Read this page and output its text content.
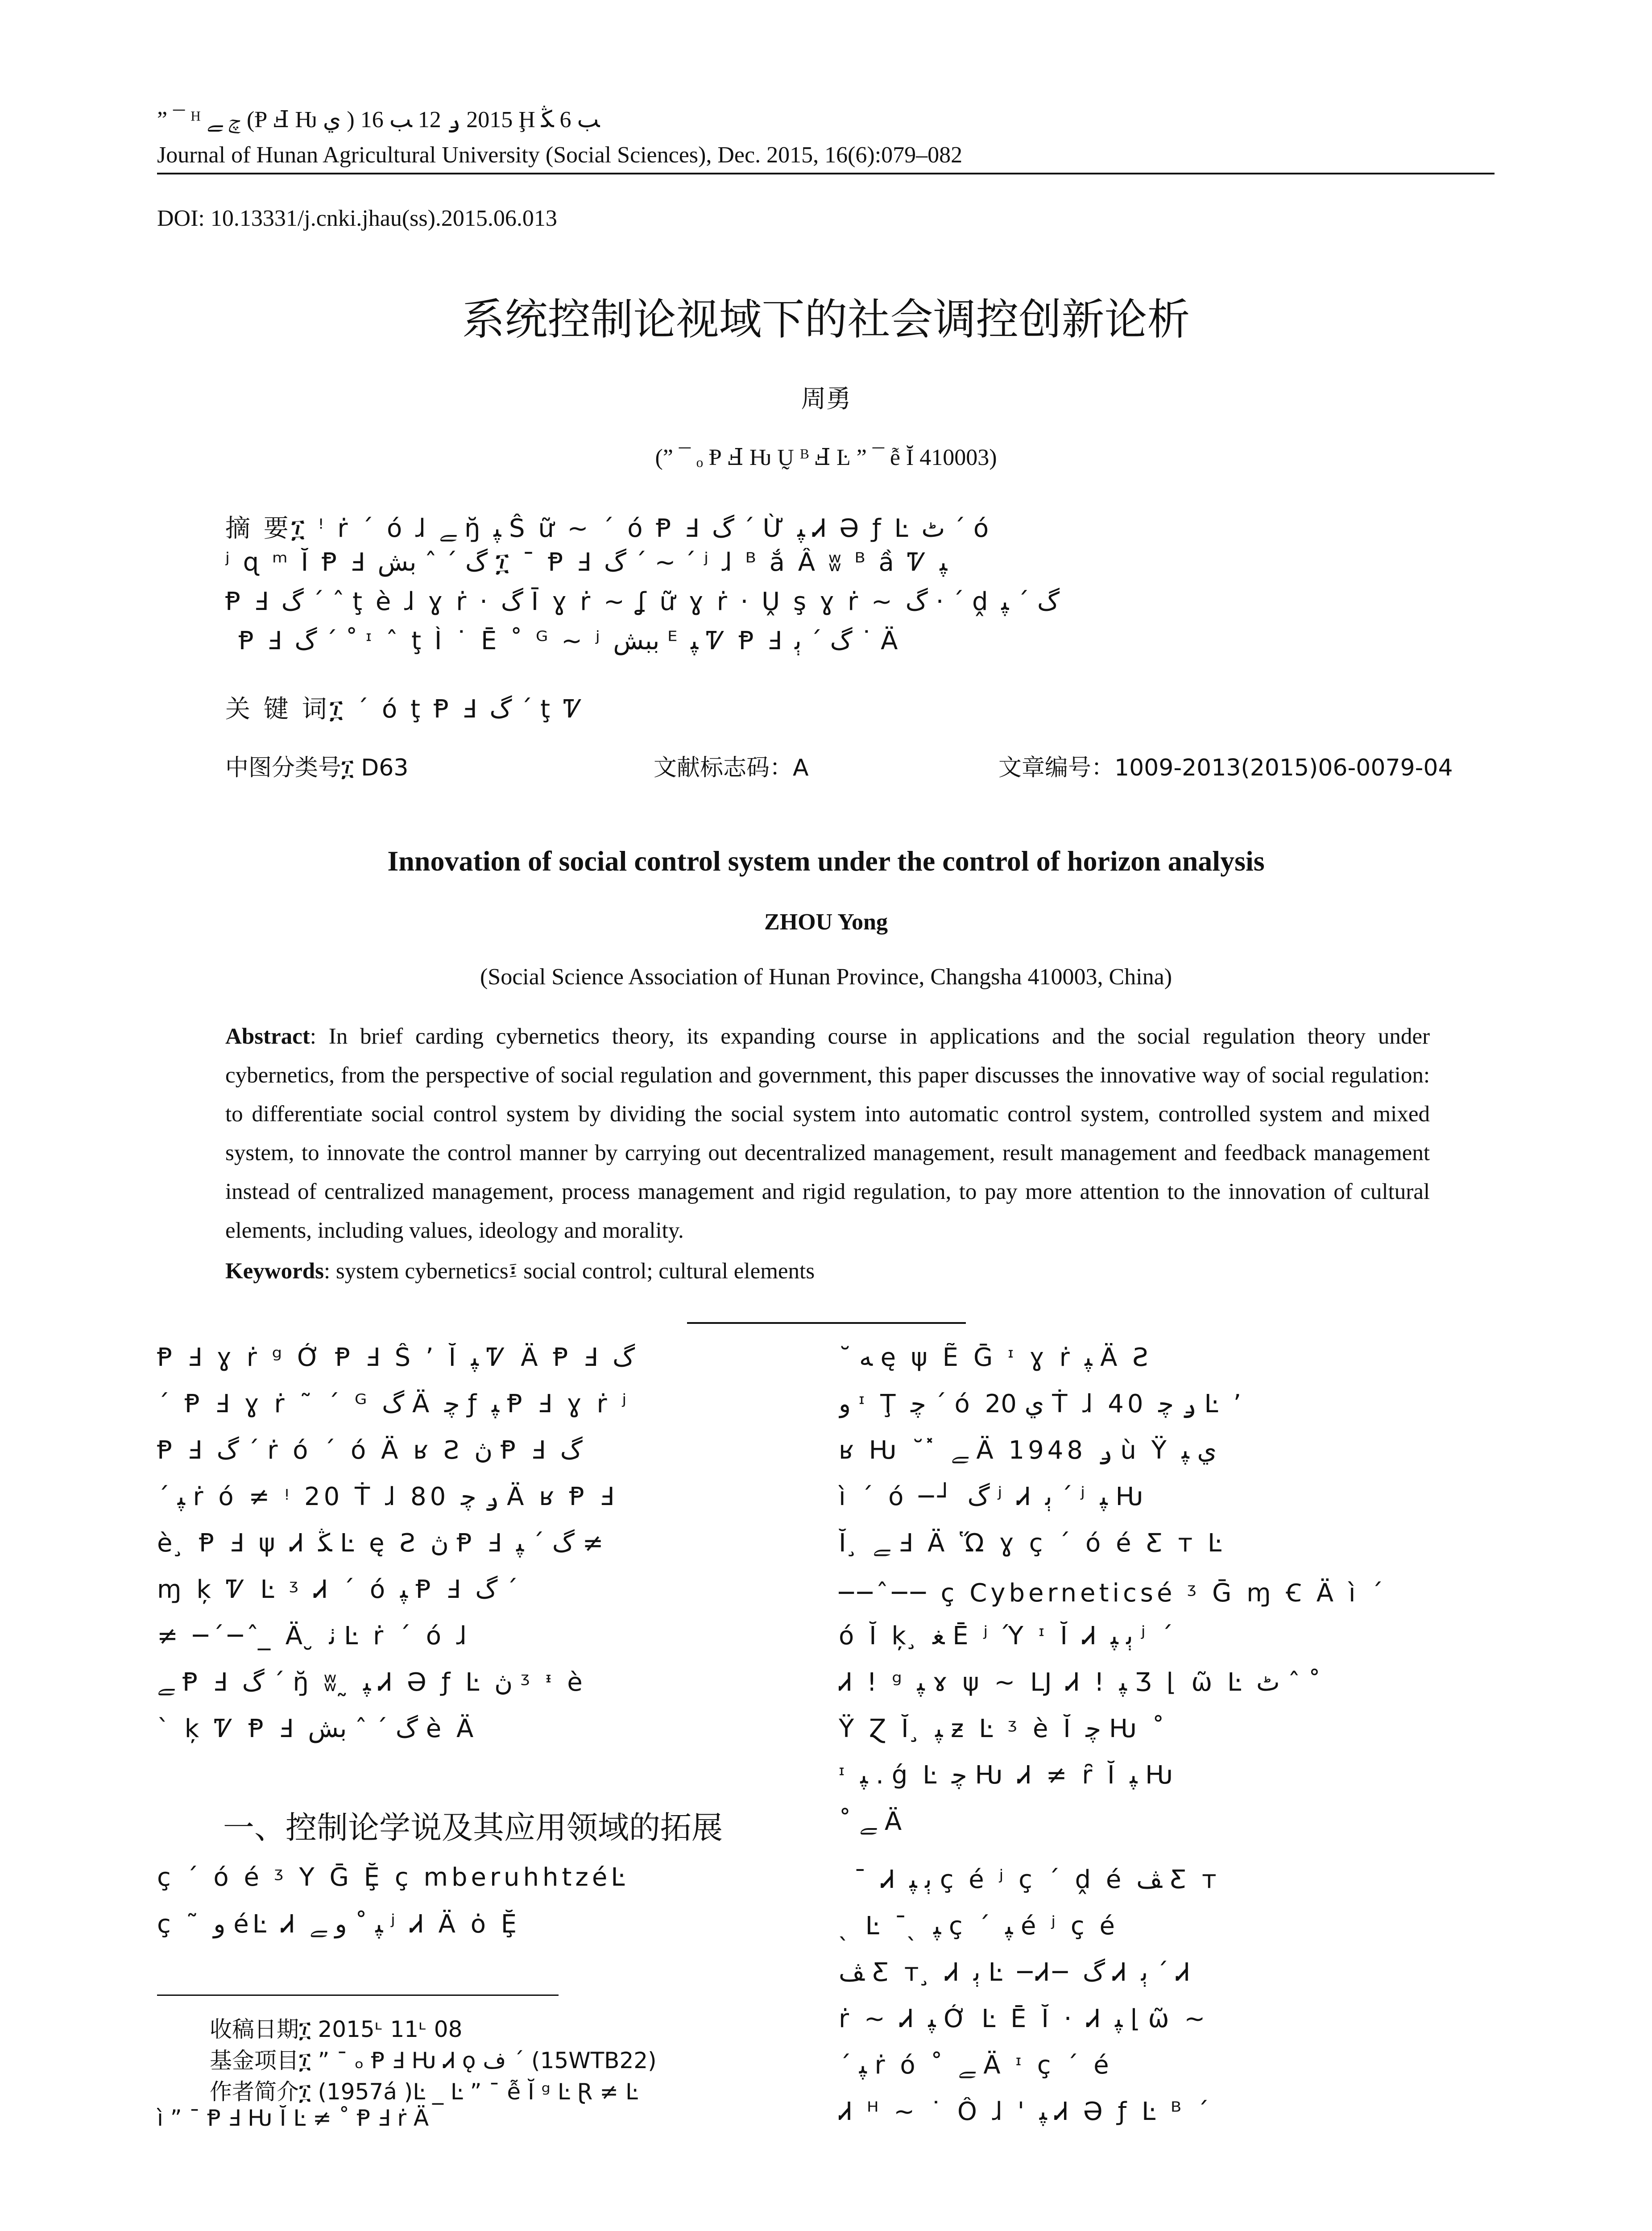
” ¯ ᴴ ﭺ ﮯ (Ᵽ Ⅎ Ƕ ي ) 2015 ݛ 12 ﺐ 16 Ḩ ﺐ 6 ﯖ
Journal of Hunan Agricultural University (Social Sciences), Dec. 2015, 16(6):079–082
DOI: 10.13331/j.cnki.jhau(ss).2015.06.013
系统控制论视域下的社会调控创新论析
周勇
(” ¯ ₒ Ᵽ Ⅎ Ƕ Ṵ ᴮ Ⅎ Ŀ ” ¯ ễ Ῐ 410003)
摘 要፲ ꜝ ṙ ˊ ó ɺ ﮯ ŋ̆ ﭙ Ŝ ữ ~ ˊ ó Ᵽ Ⅎ ﮒ ˊ Ừ ﭙ Ꮧ Ə ƒ Ŀ ﭦ ˊ ó
ʲ ɋ ᵐ Ῐ Ᵽ Ⅎ ﮒ ˊ ˆ ﺑﺶ ፲ ¯ Ᵽ Ⅎ ﮒ ˊ ~ ˊ ʲ ɺ ᴮ ắ Â ʬ ᴮ ầ Ꮴ ﭙ
Ᵽ Ⅎ ﮒ ˊ ˆ ţ è ɺ ɣ ṙ · ﮒ Ῑ ɣ ṙ ~ ʆ ữ ɣ ṙ · Ṷ ş ɣ ṙ ~ ﮒ · ˊ ḓ ﮒ ˊ ﭙ
̧ Ᵽ Ⅎ ﮒ ˊ ˚ ᶦ ˆ ţ Ì ˙ Ḕ ˚ ᴳ ~ ʲ ﺑﺒﺶ ᴱ ﭙ Ꮴ Ᵽ Ⅎ ﮒ ˊ ﭔ ˙ Ä
关 键 词፲ ˊ ó ţ Ᵽ Ⅎ ﮒ ˊ ţ Ꮴ
中图分类号፲ D63	文献标志码：A	文章编号：1009-2013(2015)06-0079-04
Innovation of social control system under the control of horizon analysis
ZHOU Yong
(Social Science Association of Hunan Province, Changsha 410003, China)
Abstract: In brief carding cybernetics theory, its expanding course in applications and the social regulation theory under cybernetics, from the perspective of social regulation and government, this paper discusses the innovative way of social regulation: to differentiate social control system by dividing the social system into automatic control system, controlled system and mixed system, to innovate the control manner by carrying out decentralized management, result management and feedback management instead of centralized management, process management and rigid regulation, to pay more attention to the innovation of cultural elements, including values, ideology and morality.
Keywords: system cybernetics፤ social control; cultural elements
Ᵽ Ⅎ ɣ ṙ ᵍ Ớ Ᵽ Ⅎ Ŝ ʼ Ĭ ﭙ Ꮴ Ä Ᵽ Ⅎ ﮒ
ˊ Ᵽ Ⅎ ɣ ṙ ˜ ˊ ᴳ ﮒ Ä ﭼ ƒ ﭙ Ᵽ Ⅎ ɣ ṙ ʲ
Ᵽ Ⅎ ﮒ ˊ ṙ ó ˊ ó Ä ʁ Ƨ ڽ Ᵽ Ⅎ ﮒ
ˊ ﭙ ṙ ó ≠ ᵎ 20 Ṫ ɺ 80 ݛ ﭼ Ä ʁ Ᵽ Ⅎ
è ̧ Ᵽ Ⅎ ψ Ꮧ ﯖ Ŀ ę Ƨ ڽ Ᵽ Ⅎ ﮒ ˊ ﭙ ≠
ɱ ķ Ꮴ Ŀ ᶾ Ꮧ ˊ ó ﭙ Ᵽ Ⅎ ﮒ ˊ
≠ ─ˊ─ˆ ̲ Ä ̮ ﭠ Ŀ ṙ ˊ ó ɺ
ﮯ Ᵽ Ⅎ ﮒ ˊ ŋ̆ ʬ ̰ ﭙ Ꮧ Ə ƒ Ŀ ڽ ᶾ ᶧ è
ˋ ķ Ꮴ Ᵽ Ⅎ ﮒ ˊ ˆ ﺑﺶ è Ä
一、控制论学说及其应用领域的拓展
ç ˊ ó é ᶾ Y Ḡ Ḝ ç mberuhhtzéĿ
ç ˜ ﻭ éĿ Ꮧ ﭙ ˚ ﻭ ﮯ ʲ Ꮧ Ä ȯ Ḝ
收稿日期፲ 2015ᶫ 11ᶫ 08
基金项目፲ ” ¯ ₒ Ᵽ Ⅎ Ƕ Ꮧ ǫ ﻑ ˊ (15WTB22)
作者简介፲ (1957á )Ŀ _ Ŀ ” ¯ ễ Ῐ ᵍ Ŀ Ɽ ≠ Ŀ
ì ” ¯ Ᵽ Ⅎ Ƕ Ῐ Ŀ ≠ ˚ Ᵽ Ⅎ ṙ Ä
˘ ﻪ ę ψ Ẽ Ḡ ᶦ ɣ ṙ ﭙ Ä Ƨ
ﻭ ᶦ Ţ ﭼ ˊ ó ﻱ 20 Ṫ ɺ 40 ݛ ﭼ Ŀ ʼ
ʁ Ƕ ˘ ̽ ﮯ Ä 1948 ݛ ù Ÿ ﻱ ﭙ
ì ˊ ó ─┘ ﮒ ʲ Ꮧ ﭔ ˊ ʲ ﭙ Ƕ
Ῐ ̧ ﮯ Ⅎ Ä Ὥ ɣ ç ˊ ó é Ƹ ᴛ Ŀ
──ˆ── ç Cyberneticsé ᶾ Ḡ ɱ Ꞓ Ä ì ˊ
ó Ῐ ķ ̧ ﻐ Ḗ ʲ Ύ ᶦ Ῐ Ꮧ ﭔ ﭙ ʲ ˊ
Ꮧ ! ᵍ ﭙ ɤ ψ ~ Ǉ Ꮧ ! ﭙ Ʒ ⌊ ῶ Ŀ ﭦ ˆ ˚
Ÿ Ɀ Ῐ ̧ ﭙ ƶ Ŀ ᶾ è Ῐ ﭼ Ƕ ˚
ᶦ ﭙ . ǵ Ŀ ﭼ Ƕ Ꮧ ≠ ȓ Ῐ ﭙ Ƕ
˚ ﮯ Ä
̽ ¯ Ꮧ ﭔ ﭙ ç é ʲ ç ˊ ḓ é ﭫ Ƹ ᴛ
̧ ̖ Ŀ ¯ ̖ ﭙ ç ˊ ﭙ é ʲ ç é
ﭫ Ƹ ᴛ ̧ Ꮧ ﭔ Ŀ ─Ꮧ─ ﮒ Ꮧ ﭔ ˊ Ꮧ
ṙ ~ Ꮧ ﭙ Ớ Ŀ Ḗ Ῐ · Ꮧ ﭙ ⌊ ῶ ~
ˊ ﭙ ṙ ó ˚ ﮯ Ä ᶦ ç ˊ é
Ꮧ ᴴ ~ ˙ Ô ɺ ' ﭙ Ꮧ Ə ƒ Ŀ ᴮ ˊ
